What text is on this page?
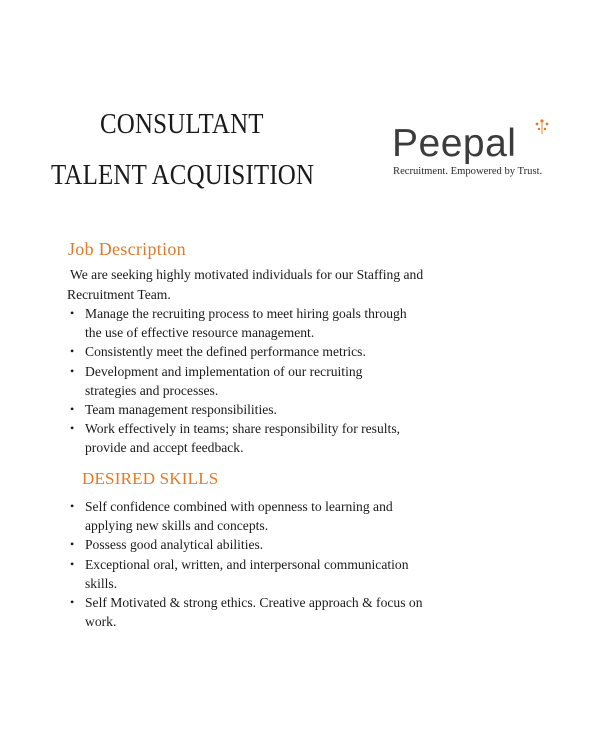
CONSULTANT
TALENT ACQUISITION

Peepal

Recruitment. Empowered by Trust.

Job Description

We are seeking highly motivated individuals for our Staffing and
Recruitment Team.

• Manage the recruiting process to meet hiring goals through
the use of effective resource management.
• Consistently meet the defined performance metrics.
• Development and implementation of our recruiting
strategies and processes.
• Team management responsibilities.
• Work effectively in teams; share responsibility for results,
provide and accept feedback.
DESIRED SKILLS
• Self confidence combined with openness to learning and
applying new skills and concepts.
• Possess good analytical abilities.
• Exceptional oral, written, and interpersonal communication
skills.
• Self Motivated & strong ethics. Creative approach & focus on
work.
